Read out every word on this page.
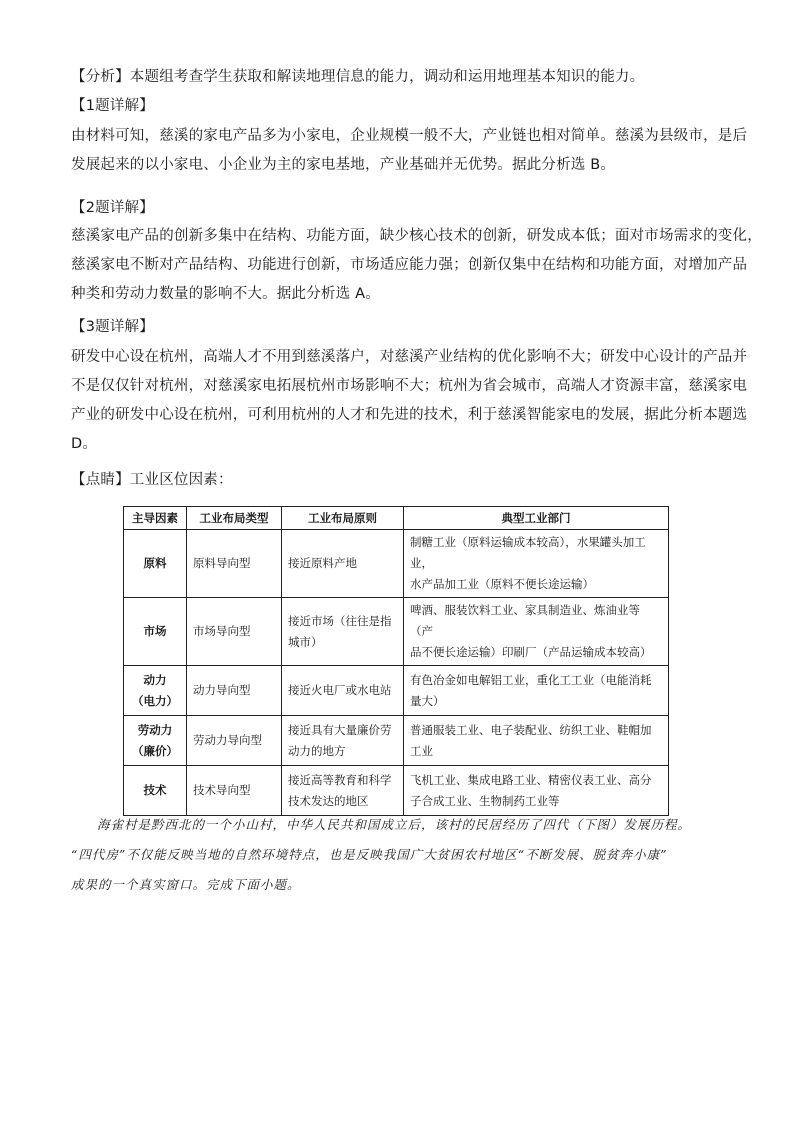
【分析】本题组考查学生获取和解读地理信息的能力，调动和运用地理基本知识的能力。
【1题详解】
由材料可知，慈溪的家电产品多为小家电，企业规模一般不大，产业链也相对简单。慈溪为县级市，是后
发展起来的以小家电、小企业为主的家电基地，产业基础并无优势。据此分析选 B。
【2题详解】
慈溪家电产品的创新多集中在结构、功能方面，缺少核心技术的创新，研发成本低；面对市场需求的变化，
慈溪家电不断对产品结构、功能进行创新，市场适应能力强；创新仅集中在结构和功能方面，对增加产品
种类和劳动力数量的影响不大。据此分析选 A。
【3题详解】
研发中心设在杭州，高端人才不用到慈溪落户，对慈溪产业结构的优化影响不大；研发中心设计的产品并
不是仅仅针对杭州，对慈溪家电拓展杭州市场影响不大；杭州为省会城市，高端人才资源丰富，慈溪家电
产业的研发中心设在杭州，可利用杭州的人才和先进的技术，利于慈溪智能家电的发展，据此分析本题选
D。
【点睛】工业区位因素：
主导因素	工业布局类型	工业布局原则	典型工业部门

原料	原料导向型	接近原料产地	制糖工业（原料运输成本较高），水果罐头加工业，
水产品加工业（原料不便长途运输）

市场	市场导向型	接近市场（往往是指
城市）	啤酒、服装饮料工业、家具制造业、炼油业等（产
品不便长途运输）印刷厂（产品运输成本较高）

动力
（电力）	动力导向型	接近火电厂或水电站	有色冶金如电解铝工业，重化工工业（电能消耗
量大）

劳动力
（廉价）	劳动力导向型	接近具有大量廉价劳
动力的地方	普通服装工业、电子装配业、纺织工业、鞋帽加
工业

技术	技术导向型	接近高等教育和科学
技术发达的地区	飞机工业、集成电路工业、精密仪表工业、高分
子合成工业、生物制药工业等
海雀村是黔西北的一个小山村，中华人民共和国成立后，该村的民居经历了四代（下图）发展历程。
“四代房”不仅能反映当地的自然环境特点，也是反映我国广大贫困农村地区“不断发展、脱贫奔小康”
成果的一个真实窗口。完成下面小题。
